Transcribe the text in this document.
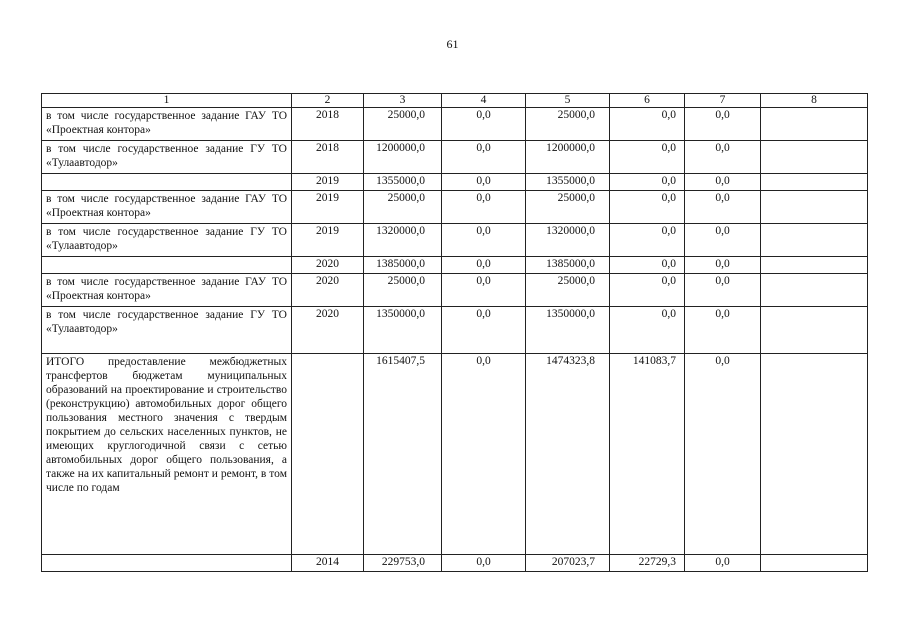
61
1	2	3	4	5	6	7	8
в том числе государственное задание ГАУ ТО «Проектная контора»	2018	25000,0	0,0	25000,0	0,0	0,0	
в том числе государственное задание ГУ ТО «Тулаавтодор»	2018	1200000,0	0,0	1200000,0	0,0	0,0	
	2019	1355000,0	0,0	1355000,0	0,0	0,0	
в том числе государственное задание ГАУ ТО «Проектная контора»	2019	25000,0	0,0	25000,0	0,0	0,0	
в том числе государственное задание ГУ ТО «Тулаавтодор»	2019	1320000,0	0,0	1320000,0	0,0	0,0	
	2020	1385000,0	0,0	1385000,0	0,0	0,0	
в том числе государственное задание ГАУ ТО «Проектная контора»	2020	25000,0	0,0	25000,0	0,0	0,0	
в том числе государственное задание ГУ ТО «Тулаавтодор»	2020	1350000,0	0,0	1350000,0	0,0	0,0	
ИТОГО предоставление межбюджетных трансфертов бюджетам муниципальных образований на проектирование и строительство (реконструкцию) автомобильных дорог общего пользования местного значения с твердым покрытием до сельских населенных пунктов, не имеющих круглогодичной связи с сетью автомобильных дорог общего пользования, а также на их капитальный ремонт и ремонт, в том числе по годам		1615407,5	0,0	1474323,8	141083,7	0,0	
	2014	229753,0	0,0	207023,7	22729,3	0,0	
